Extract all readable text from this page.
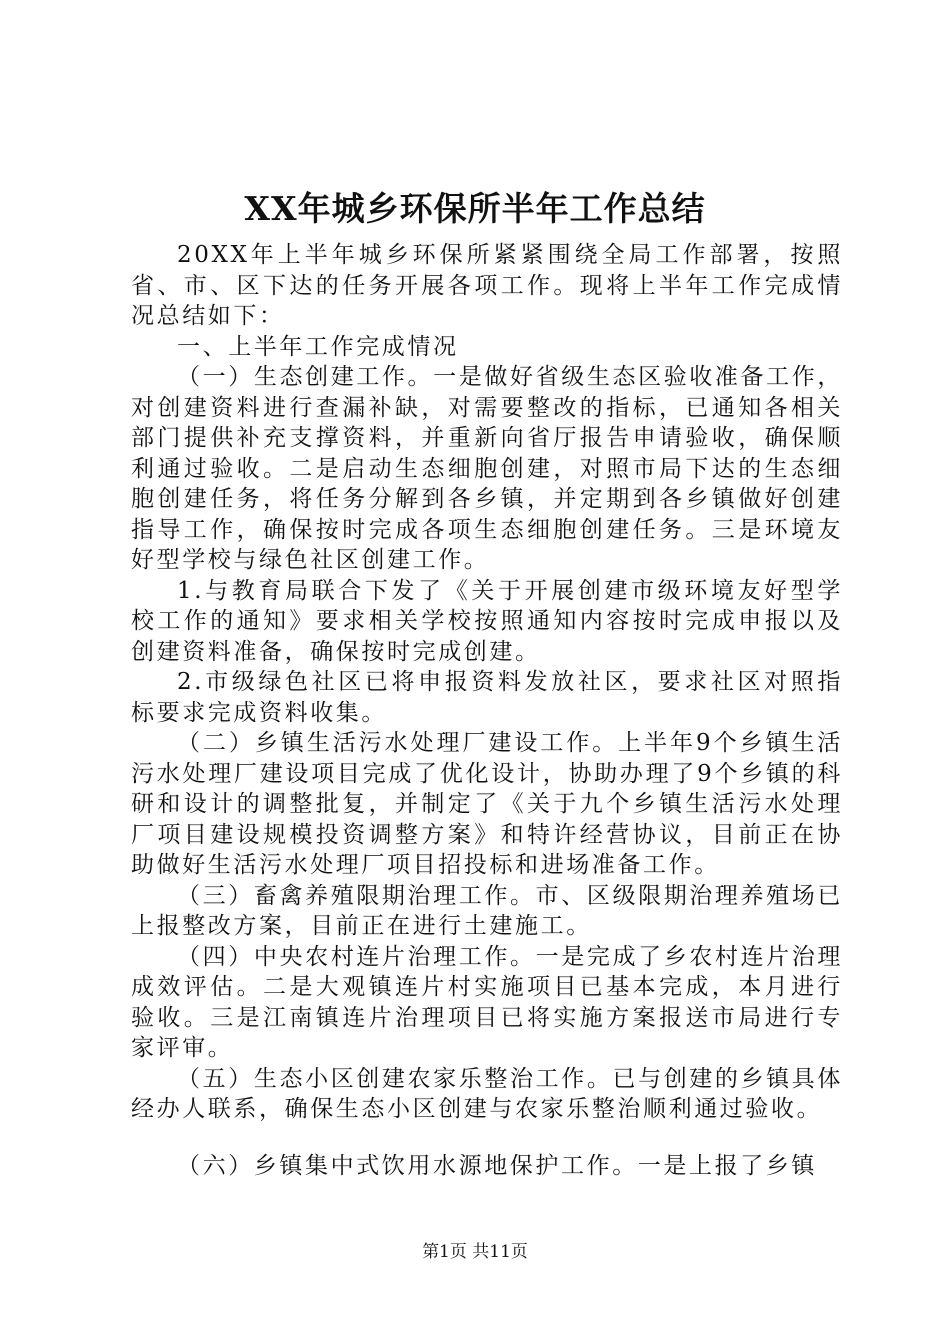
XX年城乡环保所半年工作总结

20XX年上半年城乡环保所紧紧围绕全局工作部署，按照省、市、区下达的任务开展各项工作。现将上半年工作完成情况总结如下：

一、上半年工作完成情况

（一）生态创建工作。一是做好省级生态区验收准备工作，对创建资料进行查漏补缺，对需要整改的指标，已通知各相关部门提供补充支撑资料，并重新向省厅报告申请验收，确保顺利通过验收。二是启动生态细胞创建，对照市局下达的生态细胞创建任务，将任务分解到各乡镇，并定期到各乡镇做好创建指导工作，确保按时完成各项生态细胞创建任务。三是环境友好型学校与绿色社区创建工作。

1.与教育局联合下发了《关于开展创建市级环境友好型学校工作的通知》要求相关学校按照通知内容按时完成申报以及创建资料准备，确保按时完成创建。

2.市级绿色社区已将申报资料发放社区，要求社区对照指标要求完成资料收集。

（二）乡镇生活污水处理厂建设工作。上半年9个乡镇生活污水处理厂建设项目完成了优化设计，协助办理了9个乡镇的科研和设计的调整批复，并制定了《关于九个乡镇生活污水处理厂项目建设规模投资调整方案》和特许经营协议，目前正在协助做好生活污水处理厂项目招投标和进场准备工作。

（三）畜禽养殖限期治理工作。市、区级限期治理养殖场已上报整改方案，目前正在进行土建施工。

（四）中央农村连片治理工作。一是完成了乡农村连片治理成效评估。二是大观镇连片村实施项目已基本完成，本月进行验收。三是江南镇连片治理项目已将实施方案报送市局进行专家评审。

（五）生态小区创建农家乐整治工作。已与创建的乡镇具体经办人联系，确保生态小区创建与农家乐整治顺利通过验收。

（六）乡镇集中式饮用水源地保护工作。一是上报了乡镇

第1页 共11页
